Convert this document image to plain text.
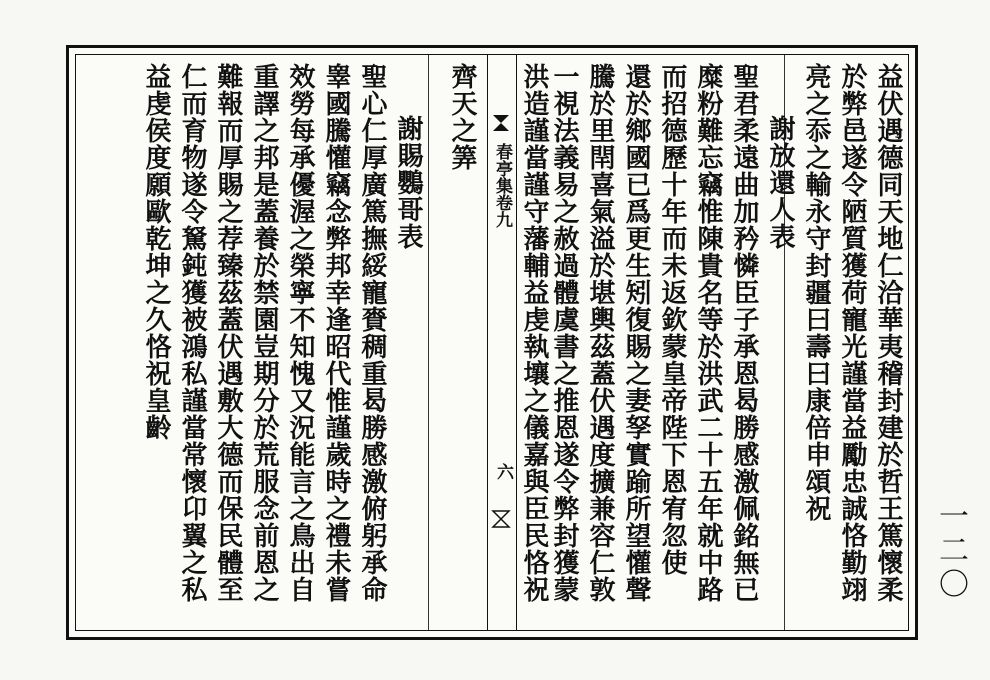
益伏遇德同天地仁洽華夷稽封建於哲王篤懷柔
於弊邑遂令陋質獲荷寵光謹當益勵忠誠恪勤翊
亮之忝之輸永守封疆曰壽曰康倍申頌祝
謝放還人表
聖君柔遠曲加矜憐臣子承恩曷勝感激佩銘無已
糜粉難忘竊惟陳貴名等於洪武二十五年就中路
而招德歷十年而未返欽蒙皇帝陛下恩宥忽使
還於鄉國已爲更生矧復賜之妻孥實踰所望懽聲
騰於里閈喜氣溢於堪輿茲蓋伏遇度擴兼容仁敦
一視法義易之赦過體虞書之推恩遂令弊封獲蒙
洪造謹當謹守藩輔益虔執壤之儀嘉與臣民恪祝
春亭集卷九
六
齊天之筭
謝賜鸚哥表
聖心仁厚廣篤撫綏寵賚稠重曷勝感激俯躬承命
睾國騰懽竊念弊邦幸逢昭代惟謹歲時之禮未嘗
效勞每承優渥之榮寧不知愧又況能言之鳥出自
重譯之邦是蓋養於禁園豈期分於荒服念前恩之
難報而厚賜之荐臻茲蓋伏遇敷大德而保民體至
仁而育物遂令駑鈍獲被鴻私謹當常懷卬翼之私
益虔侯度願歐乾坤之久恪祝皇齡
一二〇
